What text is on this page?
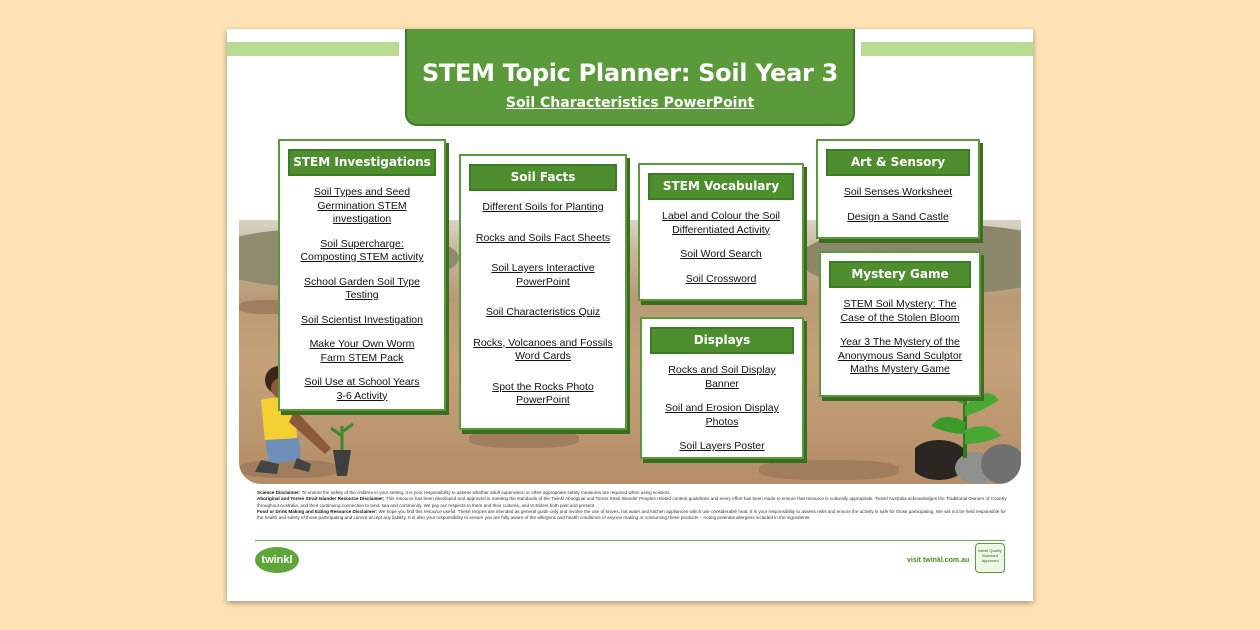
STEM Topic Planner: Soil Year 3
Soil Characteristics PowerPoint
STEM Investigations
Soil Types and Seed Germination STEM investigation
Soil Supercharge: Composting STEM activity
School Garden Soil Type Testing
Soil Scientist Investigation
Make Your Own Worm Farm STEM Pack
Soil Use at School Years 3-6 Activity
Soil Facts
Different Soils for Planting
Rocks and Soils Fact Sheets
Soil Layers Interactive PowerPoint
Soil Characteristics Quiz
Rocks, Volcanoes and Fossils Word Cards
Spot the Rocks Photo PowerPoint
STEM Vocabulary
Label and Colour the Soil Differentiated Activity
Soil Word Search
Soil Crossword
Displays
Rocks and Soil Display Banner
Soil and Erosion Display Photos
Soil Layers Poster
Art & Sensory
Soil Senses Worksheet
Design a Sand Castle
Mystery Game
STEM Soil Mystery: The Case of the Stolen Bloom
Year 3 The Mystery of the Anonymous Sand Sculptor Maths Mystery Game

Science Disclaimer: To ensure the safety of the children in your setting, it is your responsibility to assess whether adult supervision or other appropriate safety measures are required when using scissors.

Aboriginal and Torres Strait Islander Resource Disclaimer: This resource has been developed and approved in meeting the standards of the Twinkl Aboriginal and Torres Strait Islander Peoples related content guidelines and every effort has been made to ensure that resource is culturally appropriate. Twinkl Australia acknowledges the Traditional Owners of Country throughout Australia, and their continuing connection to land, sea and community. We pay our respects to them and their cultures, and to Elders both past and present.

Food or Drink Making and Eating Resource Disclaimer: We hope you find this resource useful. These recipes are intended as general guide only and involve the use of knives, hot water and kitchen appliances which use considerable heat. It is your responsibility to assess risks and ensure the activity is safe for those participating. We will not be held responsible for the health and safety of those participating and cannot accept any liability. It is also your responsibility to ensure you are fully aware of the allergens and health conditions of anyone making or consuming these products – noting potential allergens included in the ingredients.

twinkl	visit twinkl.com.au
twinkl Quality Standard Approved
